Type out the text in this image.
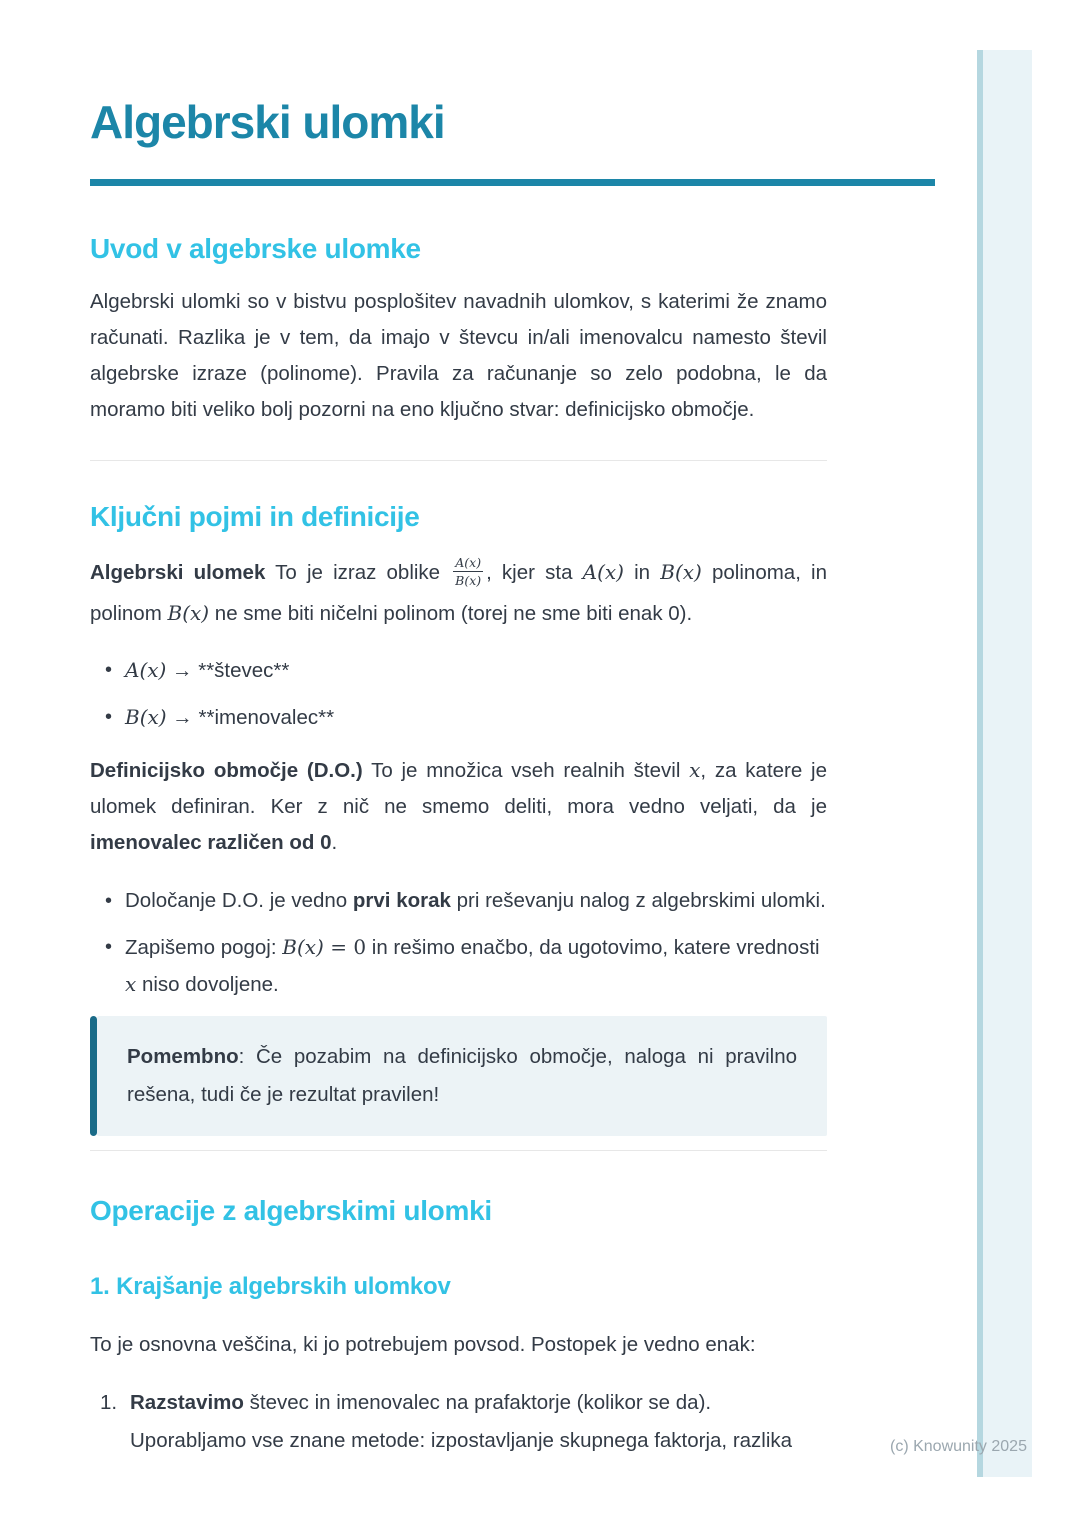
Algebrski ulomki
Uvod v algebrske ulomke

Algebrski ulomki so v bistvu posplošitev navadnih ulomkov, s katerimi že znamo računati. Razlika je v tem, da imajo v števcu in/ali imenovalcu namesto števil algebrske izraze (polinome). Pravila za računanje so zelo podobna, le da moramo biti veliko bolj pozorni na eno ključno stvar: definicijsko območje.

Ključni pojmi in definicije

Algebrski ulomek To je izraz oblike $\frac{A(x)}{B(x)}$ , kjer sta A(x) in B(x) polinoma, in polinom B(x) ne sme biti ničelni polinom (torej ne sme biti enak 0).

• A(x) → **števec**
• B(x) → **imenovalec**

Definicijsko območje (D.O.) To je množica vseh realnih števil x, za katere je ulomek definiran. Ker z nič ne smemo deliti, mora vedno veljati, da je imenovalec različen od 0.

• Določanje D.O. je vedno prvi korak pri reševanju nalog z algebrskimi ulomki.
• Zapišemo pogoj: B(x) = 0 in rešimo enačbo, da ugotovimo, katere vrednosti x niso dovoljene.

Pomembno: Če pozabim na definicijsko območje, naloga ni pravilno rešena, tudi če je rezultat pravilen!

Operacije z algebrskimi ulomki
1. Krajšanje algebrskih ulomkov

To je osnovna veščina, ki jo potrebujem povsod. Postopek je vedno enak:

1. Razstavimo števec in imenovalec na prafaktorje (kolikor se da).
Uporabljamo vse znane metode: izpostavljanje skupnega faktorja, razlika	(c) Knowunity 2025
